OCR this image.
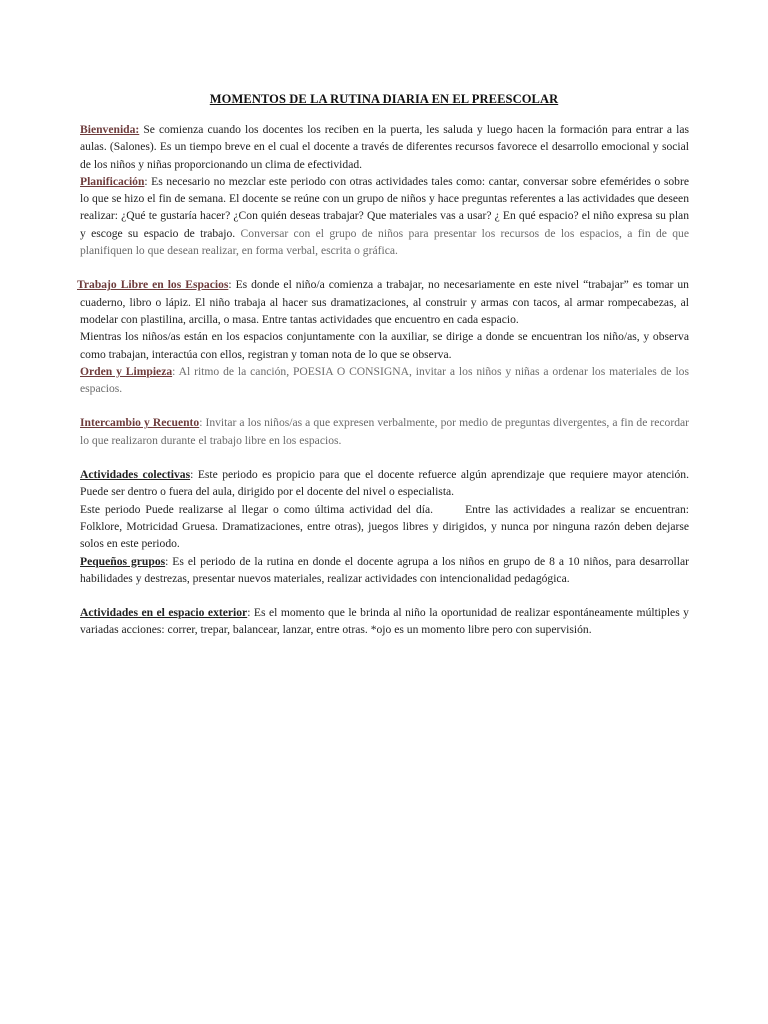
MOMENTOS DE LA RUTINA DIARIA EN EL PREESCOLAR

Bienvenida: Se comienza cuando los docentes los reciben en la puerta, les saluda y luego hacen la formación para entrar a las aulas. (Salones). Es un tiempo breve en el cual el docente a través de diferentes recursos favorece el desarrollo emocional y social de los niños y niñas proporcionando un clima de efectividad.

Planificación: Es necesario no mezclar este periodo con otras actividades tales como: cantar, conversar sobre efemérides o sobre lo que se hizo el fin de semana. El docente se reúne con un grupo de niños y hace preguntas referentes a las actividades que deseen realizar: ¿Qué te gustaría hacer? ¿Con quién deseas trabajar? Que materiales vas a usar? ¿ En qué espacio? el niño expresa su plan y escoge su espacio de trabajo. Conversar con el grupo de niños para presentar los recursos de los espacios, a fin de que planifiquen lo que desean realizar, en forma verbal, escrita o gráfica.

Trabajo Libre en los Espacios: Es donde el niño/a comienza a trabajar, no necesariamente en este nivel “trabajar” es tomar un cuaderno, libro o lápiz. El niño trabaja al hacer sus dramatizaciones, al construir y armas con tacos, al armar rompecabezas, al modelar con plastilina, arcilla, o masa. Entre tantas actividades que encuentro en cada espacio.

Mientras los niños/as están en los espacios conjuntamente con la auxiliar, se dirige a donde se encuentran los niño/as, y observa como trabajan, interactúa con ellos, registran y toman nota de lo que se observa.

Orden y Limpieza: Al ritmo de la canción, POESIA O CONSIGNA, invitar a los niños y niñas a ordenar los materiales de los espacios.

Intercambio y Recuento: Invitar a los niños/as a que expresen verbalmente, por medio de preguntas divergentes, a fin de recordar lo que realizaron durante el trabajo libre en los espacios.

Actividades colectivas: Este periodo es propicio para que el docente refuerce algún aprendizaje que requiere mayor atención. Puede ser dentro o fuera del aula, dirigido por el docente del nivel o especialista.

Este periodo Puede realizarse al llegar o como última actividad del día.	Entre las actividades a realizar se encuentran: Folklore, Motricidad Gruesa. Dramatizaciones, entre otras), juegos libres y dirigidos, y nunca por ninguna razón deben dejarse solos en este periodo.

Pequeños grupos: Es el periodo de la rutina en donde el docente agrupa a los niños en grupo de 8 a 10 niños, para desarrollar habilidades y destrezas, presentar nuevos materiales, realizar actividades con intencionalidad pedagógica.

Actividades en el espacio exterior: Es el momento que le brinda al niño la oportunidad de realizar espontáneamente múltiples y variadas acciones: correr, trepar, balancear, lanzar, entre otras. *ojo es un momento libre pero con supervisión.
